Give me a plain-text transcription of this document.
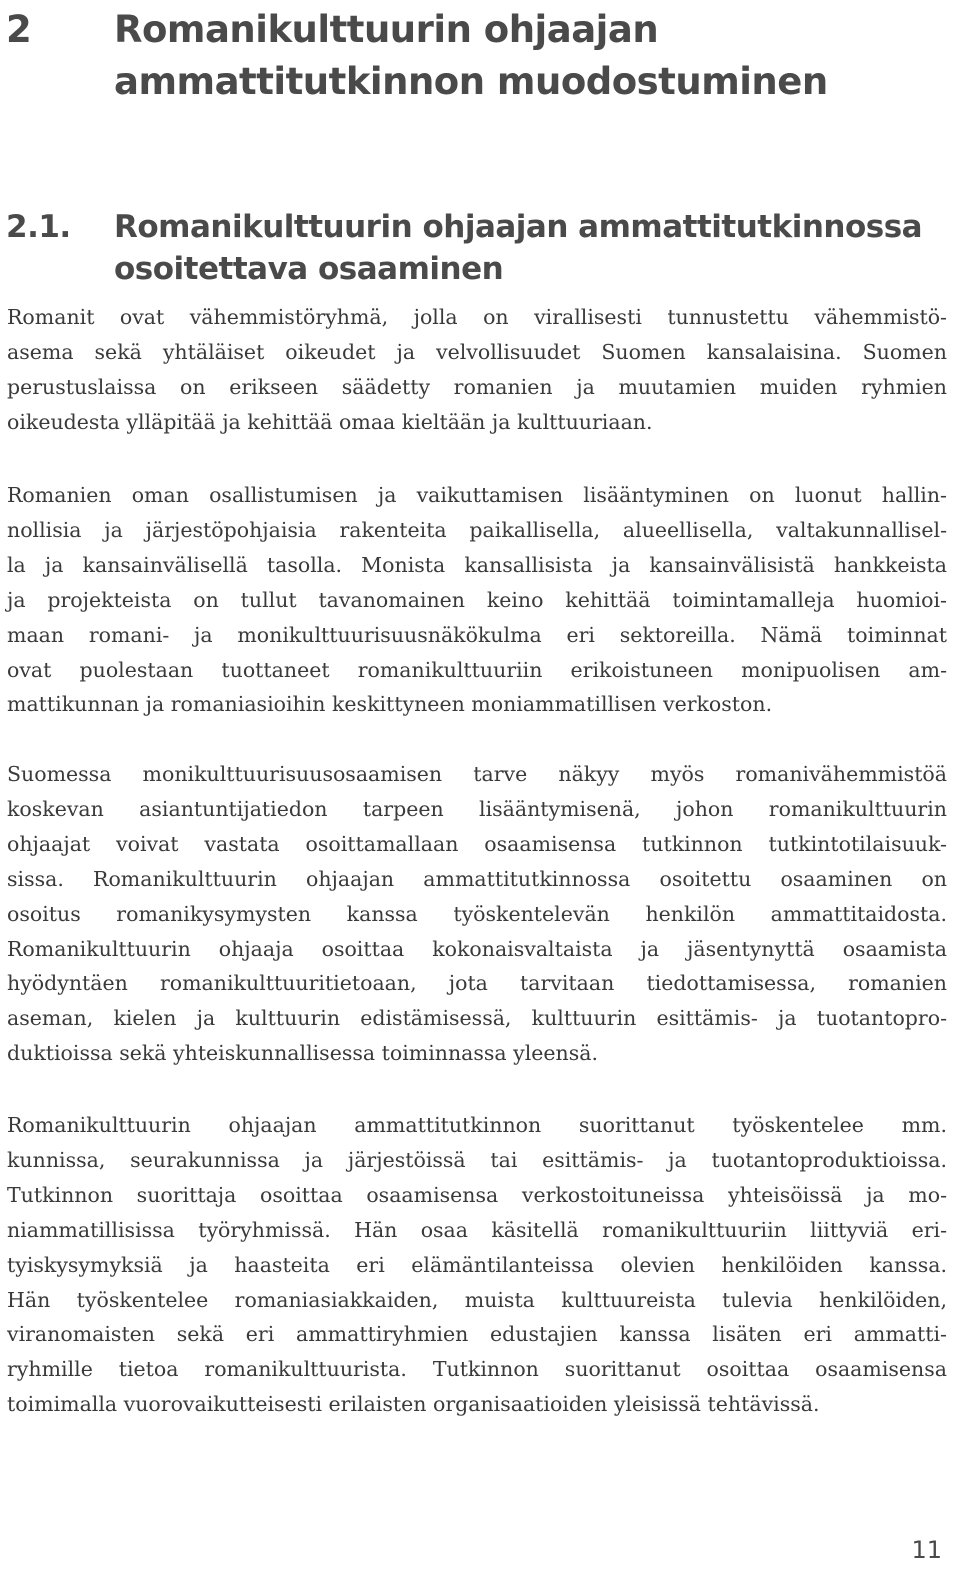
2 Romanikulttuurin ohjaajan ammattitutkinnon muodostuminen
2.1. Romanikulttuurin ohjaajan ammattitutkinnossa osoitettava osaaminen

Romanit ovat vähemmistöryhmä, jolla on virallisesti tunnustettu vähemmistö-
asema sekä yhtäläiset oikeudet ja velvollisuudet Suomen kansalaisina. Suomen
perustuslaissa on erikseen säädetty romanien ja muutamien muiden ryhmien
oikeudesta ylläpitää ja kehittää omaa kieltään ja kulttuuriaan.

Romanien oman osallistumisen ja vaikuttamisen lisääntyminen on luonut hallin-
nollisia ja järjestöpohjaisia rakenteita paikallisella, alueellisella, valtakunnallisel-
la ja kansainvälisellä tasolla. Monista kansallisista ja kansainvälisistä hankkeista
ja projekteista on tullut tavanomainen keino kehittää toimintamalleja huomioi-
maan romani- ja monikulttuurisuusnäkökulma eri sektoreilla. Nämä toiminnat
ovat puolestaan tuottaneet romanikulttuuriin erikoistuneen monipuolisen am-
mattikunnan ja romaniasioihin keskittyneen moniammatillisen verkoston.

Suomessa monikulttuurisuusosaamisen tarve näkyy myös romanivähemmistöä
koskevan asiantuntijatiedon tarpeen lisääntymisenä, johon romanikulttuurin
ohjaajat voivat vastata osoittamallaan osaamisensa tutkinnon tutkintotilaisuuk-
sissa. Romanikulttuurin ohjaajan ammattitutkinnossa osoitettu osaaminen on
osoitus romanikysymysten kanssa työskentelevän henkilön ammattitaidosta.
Romanikulttuurin ohjaaja osoittaa kokonaisvaltaista ja jäsentynyttä osaamista
hyödyntäen romanikulttuuritietoaan, jota tarvitaan tiedottamisessa, romanien
aseman, kielen ja kulttuurin edistämisessä, kulttuurin esittämis- ja tuotantopro-
duktioissa sekä yhteiskunnallisessa toiminnassa yleensä.

Romanikulttuurin ohjaajan ammattitutkinnon suorittanut työskentelee mm.
kunnissa, seurakunnissa ja järjestöissä tai esittämis- ja tuotantoproduktioissa.
Tutkinnon suorittaja osoittaa osaamisensa verkostoituneissa yhteisöissä ja mo-
niammatillisissa työryhmissä. Hän osaa käsitellä romanikulttuuriin liittyviä eri-
tyiskysymyksiä ja haasteita eri elämäntilanteissa olevien henkilöiden kanssa.
Hän työskentelee romaniasiakkaiden, muista kulttuureista tulevia henkilöiden,
viranomaisten sekä eri ammattiryhmien edustajien kanssa lisäten eri ammatti-
ryhmille tietoa romanikulttuurista. Tutkinnon suorittanut osoittaa osaamisensa
toimimalla vuorovaikutteisesti erilaisten organisaatioiden yleisissä tehtävissä.

11
